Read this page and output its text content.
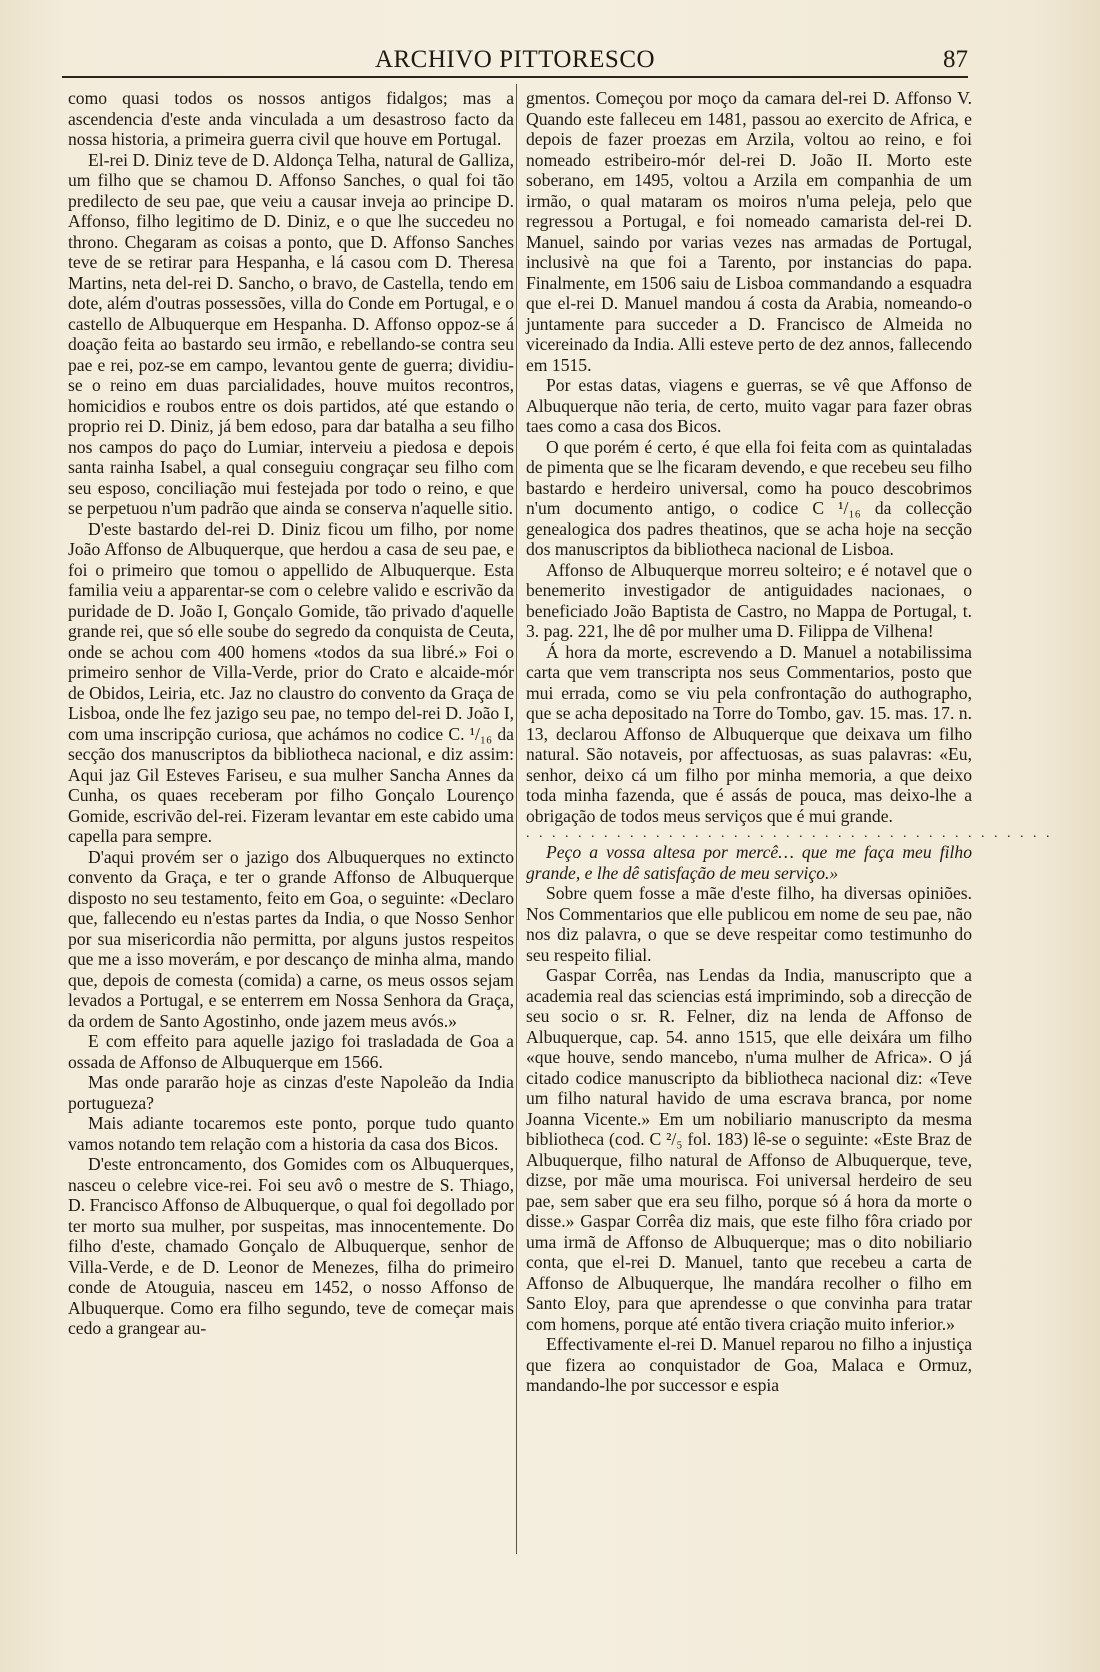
ARCHIVO PITTORESCO	87

como quasi todos os nossos antigos fidalgos; mas a ascendencia d'este anda vinculada a um desastroso facto da nossa historia, a primeira guerra civil que houve em Portugal.

El-rei D. Diniz teve de D. Aldonça Telha, natural de Galliza, um filho que se chamou D. Affonso Sanches, o qual foi tão predilecto de seu pae, que veiu a causar inveja ao principe D. Affonso, filho legitimo de D. Diniz, e o que lhe succedeu no throno. Chegaram as coisas a ponto, que D. Affonso Sanches teve de se retirar para Hespanha, e lá casou com D. Theresa Martins, neta del-rei D. Sancho, o bravo, de Castella, tendo em dote, além d'outras possessões, villa do Conde em Portugal, e o castello de Albuquerque em Hespanha. D. Affonso oppoz-se á doação feita ao bastardo seu irmão, e rebellando-se contra seu pae e rei, poz-se em campo, levantou gente de guerra; dividiu-se o reino em duas parcialidades, houve muitos recontros, homicidios e roubos entre os dois partidos, até que estando o proprio rei D. Diniz, já bem edoso, para dar batalha a seu filho nos campos do paço do Lumiar, interveiu a piedosa e depois santa rainha Isabel, a qual conseguiu congraçar seu filho com seu esposo, conciliação mui festejada por todo o reino, e que se perpetuou n'um padrão que ainda se conserva n'aquelle sitio.

D'este bastardo del-rei D. Diniz ficou um filho, por nome João Affonso de Albuquerque, que herdou a casa de seu pae, e foi o primeiro que tomou o appellido de Albuquerque. Esta familia veiu a apparentar-se com o celebre valido e escrivão da puridade de D. João I, Gonçalo Gomide, tão privado d'aquelle grande rei, que só elle soube do segredo da conquista de Ceuta, onde se achou com 400 homens «todos da sua libré.» Foi o primeiro senhor de Villa-Verde, prior do Crato e alcaide-mór de Obidos, Leiria, etc. Jaz no claustro do convento da Graça de Lisboa, onde lhe fez jazigo seu pae, no tempo del-rei D. João I, com uma inscripção curiosa, que achámos no codice C. ¹/₁₆ da secção dos manuscriptos da bibliotheca nacional, e diz assim: Aqui jaz Gil Esteves Fariseu, e sua mulher Sancha Annes da Cunha, os quaes receberam por filho Gonçalo Lourenço Gomide, escrivão del-rei. Fizeram levantar em este cabido uma capella para sempre.

D'aqui provém ser o jazigo dos Albuquerques no extincto convento da Graça, e ter o grande Affonso de Albuquerque disposto no seu testamento, feito em Goa, o seguinte: «Declaro que, fallecendo eu n'estas partes da India, o que Nosso Senhor por sua misericordia não permitta, por alguns justos respeitos que me a isso moverám, e por descanço de minha alma, mando que, depois de comesta (comida) a carne, os meus ossos sejam levados a Portugal, e se enterrem em Nossa Senhora da Graça, da ordem de Santo Agostinho, onde jazem meus avós.»

E com effeito para aquelle jazigo foi trasladada de Goa a ossada de Affonso de Albuquerque em 1566.

Mas onde pararão hoje as cinzas d'este Napoleão da India portugueza?

Mais adiante tocaremos este ponto, porque tudo quanto vamos notando tem relação com a historia da casa dos Bicos.

D'este entroncamento, dos Gomides com os Albuquerques, nasceu o celebre vice-rei. Foi seu avô o mestre de S. Thiago, D. Francisco Affonso de Albuquerque, o qual foi degollado por ter morto sua mulher, por suspeitas, mas innocentemente. Do filho d'este, chamado Gonçalo de Albuquerque, senhor de Villa-Verde, e de D. Leonor de Menezes, filha do primeiro conde de Atouguia, nasceu em 1452, o nosso Affonso de Albuquerque. Como era filho segundo, teve de começar mais cedo a grangear au-

gmentos. Começou por moço da camara del-rei D. Affonso V. Quando este falleceu em 1481, passou ao exercito de Africa, e depois de fazer proezas em Arzila, voltou ao reino, e foi nomeado estribeiro-mór del-rei D. João II. Morto este soberano, em 1495, voltou a Arzila em companhia de um irmão, o qual mataram os moiros n'uma peleja, pelo que regressou a Portugal, e foi nomeado camarista del-rei D. Manuel, saindo por varias vezes nas armadas de Portugal, inclusivè na que foi a Tarento, por instancias do papa. Finalmente, em 1506 saiu de Lisboa commandando a esquadra que el-rei D. Manuel mandou á costa da Arabia, nomeando-o juntamente para succeder a D. Francisco de Almeida no vicereinado da India. Alli esteve perto de dez annos, fallecendo em 1515.

Por estas datas, viagens e guerras, se vê que Affonso de Albuquerque não teria, de certo, muito vagar para fazer obras taes como a casa dos Bicos.

O que porém é certo, é que ella foi feita com as quintaladas de pimenta que se lhe ficaram devendo, e que recebeu seu filho bastardo e herdeiro universal, como ha pouco descobrimos n'um documento antigo, o codice C ¹/₁₆ da collecção genealogica dos padres theatinos, que se acha hoje na secção dos manuscriptos da bibliotheca nacional de Lisboa.

Affonso de Albuquerque morreu solteiro; e é notavel que o benemerito investigador de antiguidades nacionaes, o beneficiado João Baptista de Castro, no Mappa de Portugal, t. 3. pag. 221, lhe dê por mulher uma D. Filippa de Vilhena!

Á hora da morte, escrevendo a D. Manuel a notabilissima carta que vem transcripta nos seus Commentarios, posto que mui errada, como se viu pela confrontação do authographo, que se acha depositado na Torre do Tombo, gav. 15. mas. 17. n. 13, declarou Affonso de Albuquerque que deixava um filho natural. São notaveis, por affectuosas, as suas palavras: «Eu, senhor, deixo cá um filho por minha memoria, a que deixo toda minha fazenda, que é assás de pouca, mas deixo-lhe a obrigação de todos meus serviços que é mui grande.

. . . . . . . . . . . . . . . . . . . . . . . . . . . . . . . . . . . . . . . . .

Peço a vossa altesa por mercê… que me faça meu filho grande, e lhe dê satisfação de meu serviço.»

Sobre quem fosse a mãe d'este filho, ha diversas opiniões. Nos Commentarios que elle publicou em nome de seu pae, não nos diz palavra, o que se deve respeitar como testimunho do seu respeito filial.

Gaspar Corrêa, nas Lendas da India, manuscripto que a academia real das sciencias está imprimindo, sob a direcção de seu socio o sr. R. Felner, diz na lenda de Affonso de Albuquerque, cap. 54. anno 1515, que elle deixára um filho «que houve, sendo mancebo, n'uma mulher de Africa». O já citado codice manuscripto da bibliotheca nacional diz: «Teve um filho natural havido de uma escrava branca, por nome Joanna Vicente.» Em um nobiliario manuscripto da mesma bibliotheca (cod. C ²/₅ fol. 183) lê-se o seguinte: «Este Braz de Albuquerque, filho natural de Affonso de Albuquerque, teve, dizse, por mãe uma mourisca. Foi universal herdeiro de seu pae, sem saber que era seu filho, porque só á hora da morte o disse.» Gaspar Corrêa diz mais, que este filho fôra criado por uma irmã de Affonso de Albuquerque; mas o dito nobiliario conta, que el-rei D. Manuel, tanto que recebeu a carta de Affonso de Albuquerque, lhe mandára recolher o filho em Santo Eloy, para que aprendesse o que convinha para tratar com homens, porque até então tivera criação muito inferior.»

Effectivamente el-rei D. Manuel reparou no filho a injustiça que fizera ao conquistador de Goa, Malaca e Ormuz, mandando-lhe por successor e espia
